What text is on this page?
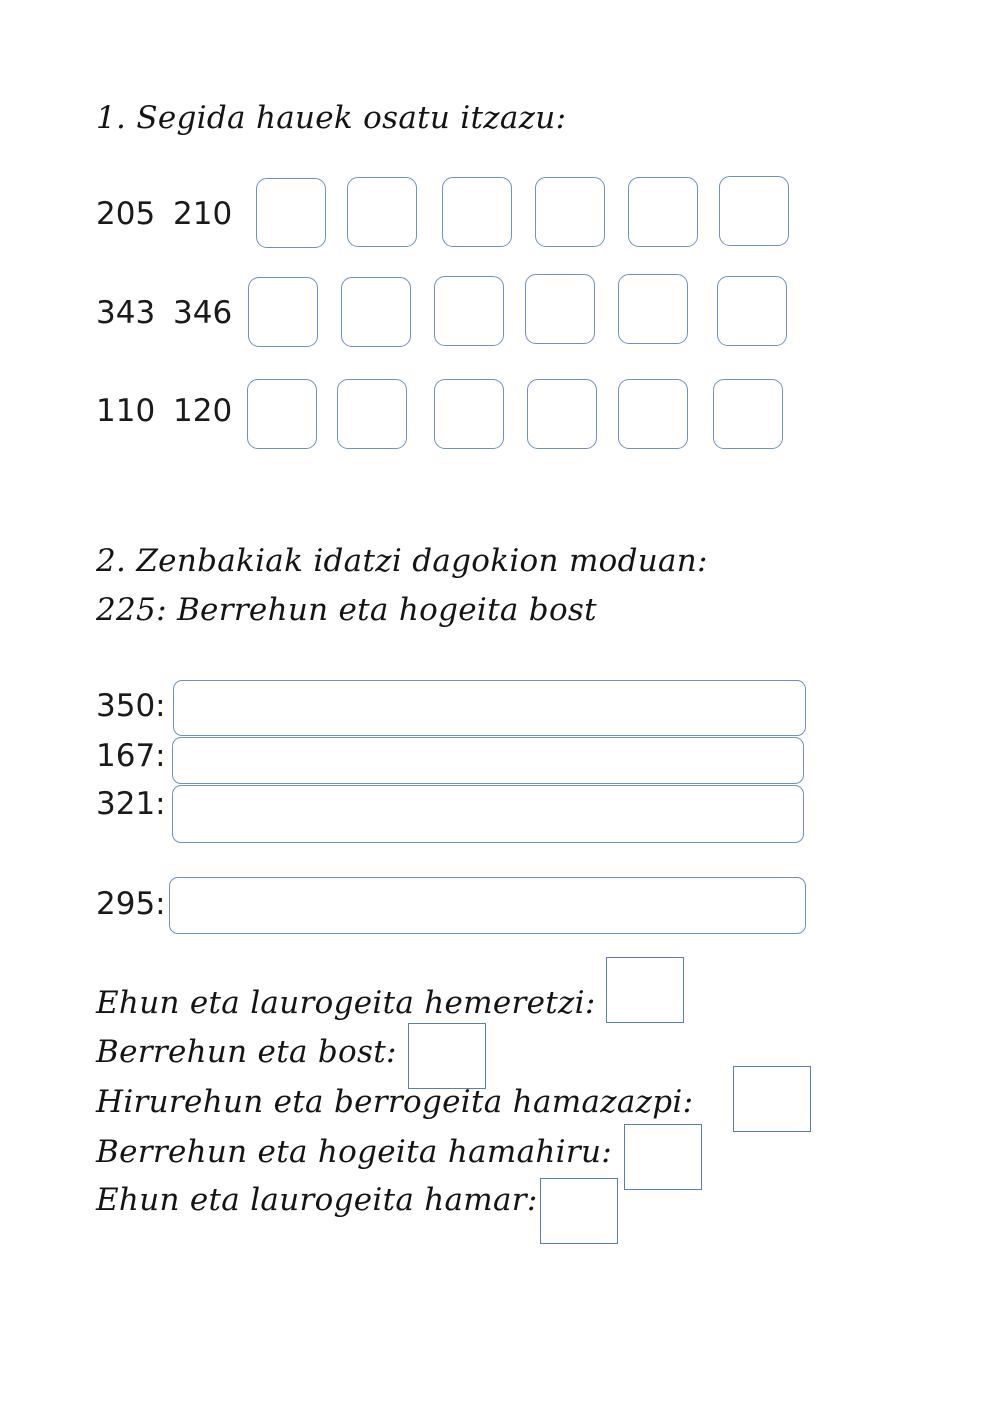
1. Segida hauek osatu itzazu:
205 210
343 346
110 120
2. Zenbakiak idatzi dagokion moduan:
225: Berrehun eta hogeita bost
350:
167:
321:
295:
Ehun eta laurogeita hemeretzi:
Berrehun eta bost:
Hirurehun eta berrogeita hamazazpi:
Berrehun eta hogeita hamahiru:
Ehun eta laurogeita hamar:
